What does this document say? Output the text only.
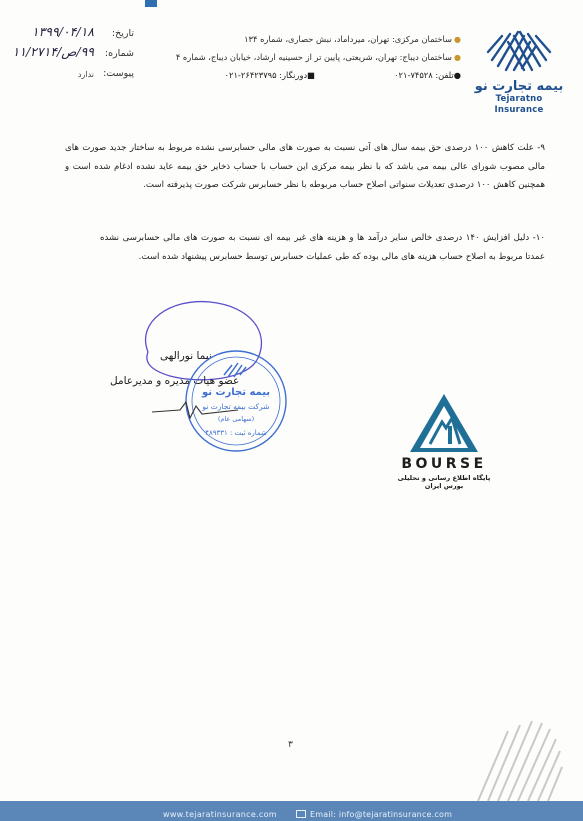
بیمه تجارت نو
Tejaratno Insurance
●ساختمان مرکزی: تهران، میرداماد، نبش حصاری، شماره ۱۳۴
●ساختمان دیباج: تهران، شریعتی، پایین تر از حسینیه ارشاد، خیابان دیباج، شماره ۴
●تلفن: ۷۴۵۲۸-۰۲۱
■دورنگار: ۲۶۴۲۳۷۹۵-۰۲۱
تاریخ:
۱۳۹۹/۰۴/۱۸
شماره:
۹۹/ص/۱۱/۲۷۱۴
پیوست:
ندارد
۹- علت کاهش ۱۰۰ درصدی حق بیمه سال های آتی نسبت به صورت های مالی حسابرسی نشده مربوط به ساختار جدید صورت های مالی مصوب شورای عالی بیمه می باشد که با نظر بیمه مرکزی این حساب با حساب ذخایر حق بیمه عاید نشده ادغام شده است و همچنین کاهش ۱۰۰ درصدی تعدیلات سنواتی اصلاح حساب مربوطه با نظر حسابرس شرکت صورت پذیرفته است.
۱۰- دلیل افزایش ۱۴۰ درصدی خالص سایر درآمد ها و هزینه های غیر بیمه ای نسبت به صورت های مالی حسابرسی نشده عمدتا مربوط به اصلاح حساب هزینه های مالی بوده که طی عملیات حسابرس توسط حسابرس پیشنهاد شده است.
نیما نورالهی
عضو هیات مدیره و مدیرعامل
بیمه تجارت نو
شرکت بیمه تجارت نو
(سهامی عام)
شماره ثبت : ۴۸۹۳۳۱
BOURSE
پایگاه اطلاع رسانی و تحلیلی بورس ایران
۳
www.tejaratinsurance.com	Email: info@tejaratinsurance.com
